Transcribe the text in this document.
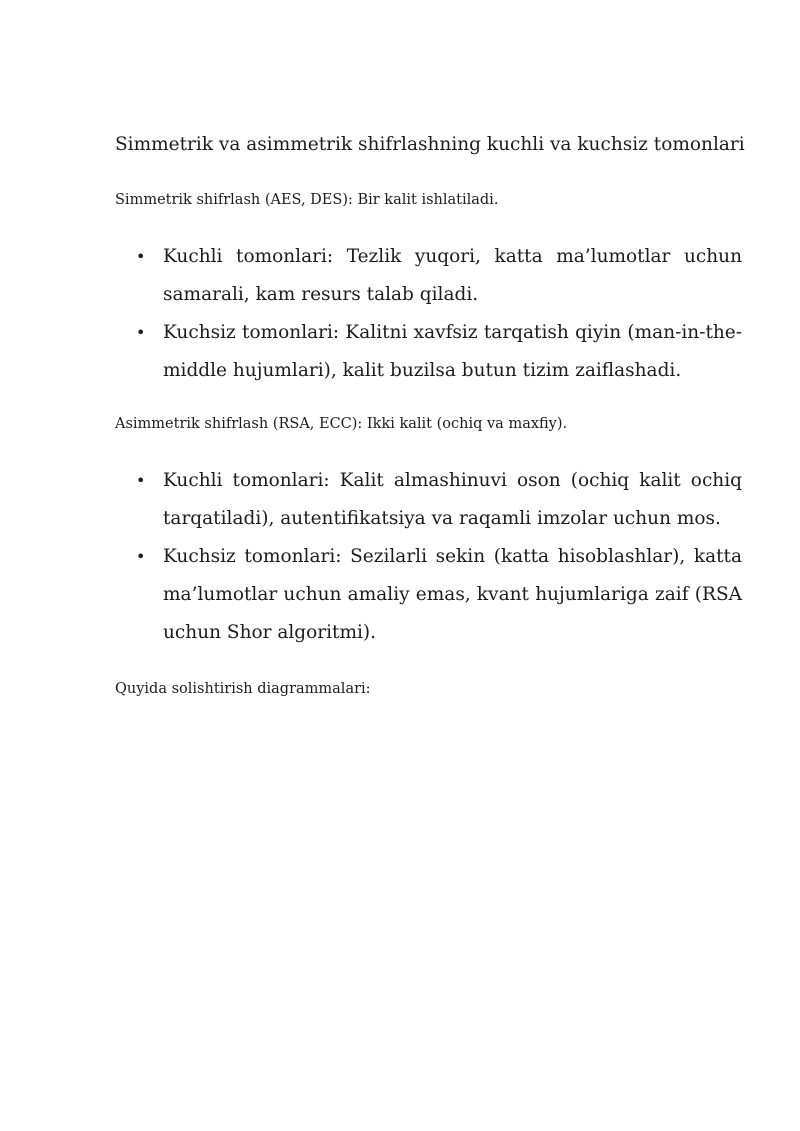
Simmetrik va asimmetrik shifrlashning kuchli va kuchsiz tomonlari

Simmetrik shifrlash (AES, DES): Bir kalit ishlatiladi.

• Kuchli tomonlari: Tezlik yuqori, katta ma’lumotlar uchun samarali, kam resurs talab qiladi.
• Kuchsiz tomonlari: Kalitni xavfsiz tarqatish qiyin (man-in-the-middle hujumlari), kalit buzilsa butun tizim zaiflashadi.

Asimmetrik shifrlash (RSA, ECC): Ikki kalit (ochiq va maxfiy).

• Kuchli tomonlari: Kalit almashinuvi oson (ochiq kalit ochiq tarqatiladi), autentifikatsiya va raqamli imzolar uchun mos.
• Kuchsiz tomonlari: Sezilarli sekin (katta hisoblashlar), katta ma’lumotlar uchun amaliy emas, kvant hujumlariga zaif (RSA uchun Shor algoritmi).

Quyida solishtirish diagrammalari:
